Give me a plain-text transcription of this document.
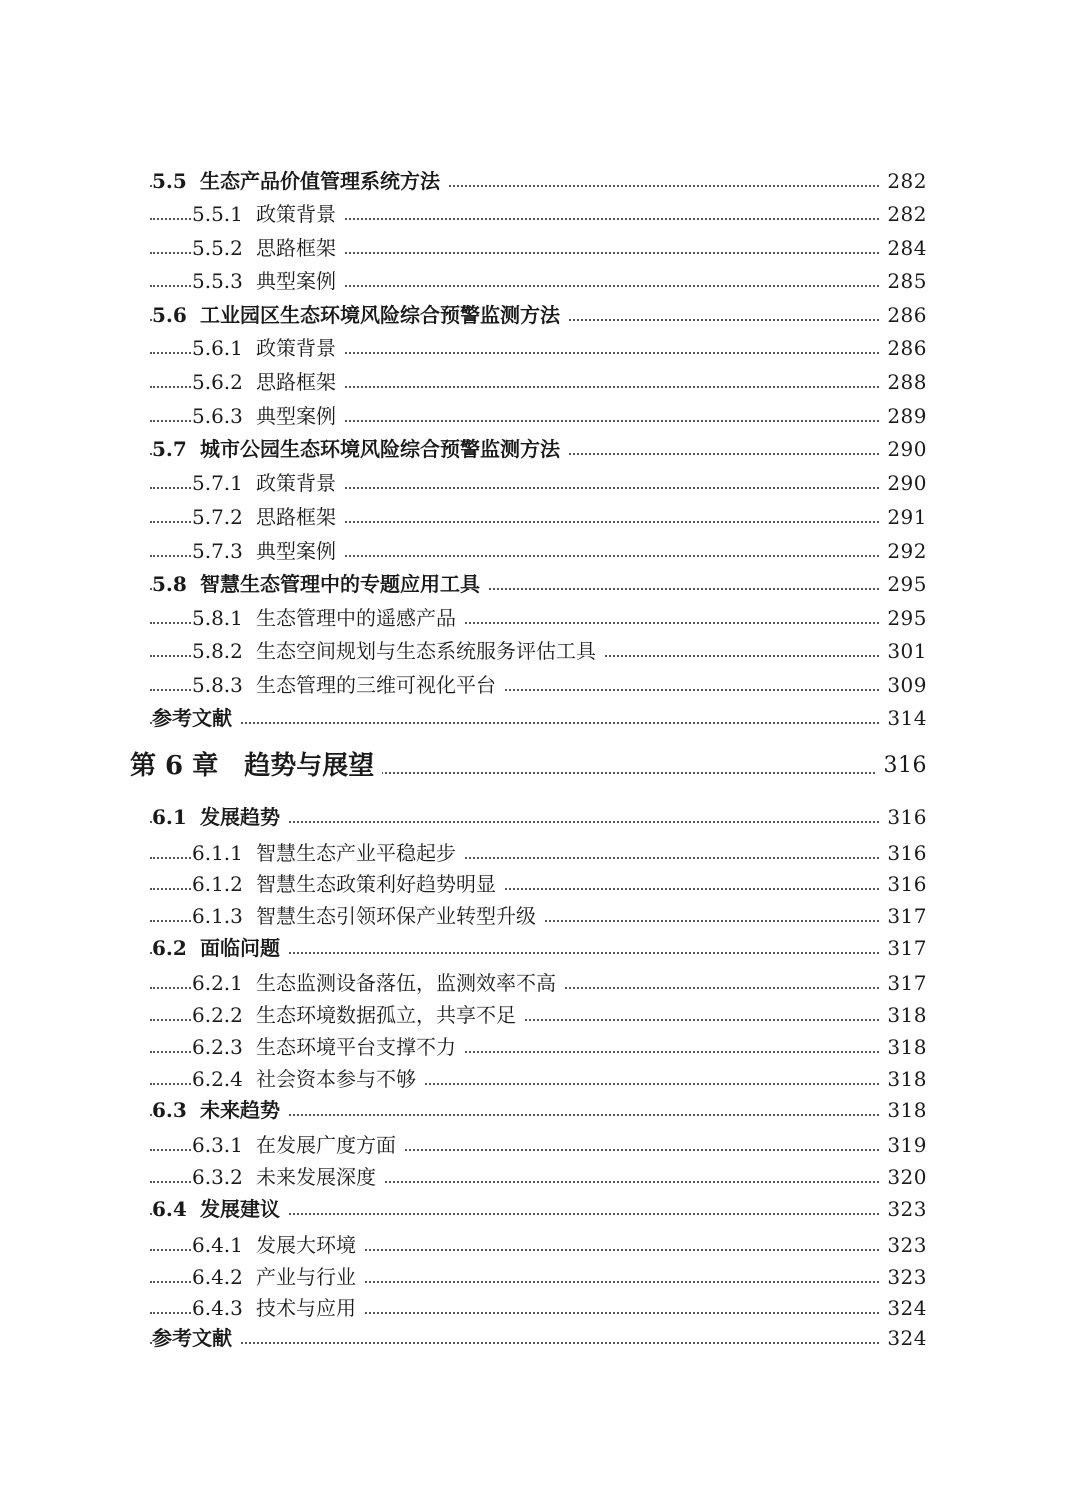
5.5 生态产品价值管理系统方法	282
5.5.1 政策背景	282
5.5.2 思路框架	284
5.5.3 典型案例	285
5.6 工业园区生态环境风险综合预警监测方法	286
5.6.1 政策背景	286
5.6.2 思路框架	288
5.6.3 典型案例	289
5.7 城市公园生态环境风险综合预警监测方法	290
5.7.1 政策背景	290
5.7.2 思路框架	291
5.7.3 典型案例	292
5.8 智慧生态管理中的专题应用工具	295
5.8.1 生态管理中的遥感产品	295
5.8.2 生态空间规划与生态系统服务评估工具	301
5.8.3 生态管理的三维可视化平台	309
参考文献	314
第 6 章 趋势与展望	316
6.1 发展趋势	316
6.1.1 智慧生态产业平稳起步	316
6.1.2 智慧生态政策利好趋势明显	316
6.1.3 智慧生态引领环保产业转型升级	317
6.2 面临问题	317
6.2.1 生态监测设备落伍，监测效率不高	317
6.2.2 生态环境数据孤立，共享不足	318
6.2.3 生态环境平台支撑不力	318
6.2.4 社会资本参与不够	318
6.3 未来趋势	318
6.3.1 在发展广度方面	319
6.3.2 未来发展深度	320
6.4 发展建议	323
6.4.1 发展大环境	323
6.4.2 产业与行业	323
6.4.3 技术与应用	324
参考文献	324
